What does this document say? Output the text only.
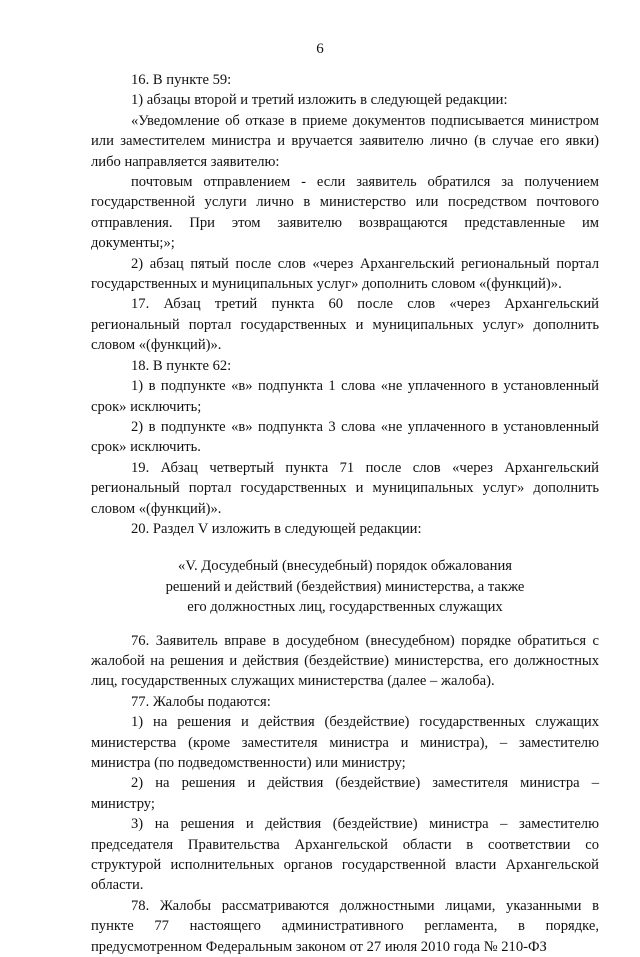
6

16. В пункте 59:

1) абзацы второй и третий изложить в следующей редакции:

«Уведомление об отказе в приеме документов подписывается министром или заместителем министра и вручается заявителю лично (в случае его явки) либо направляется заявителю:

почтовым отправлением - если заявитель обратился за получением государственной услуги лично в министерство или посредством почтового отправления. При этом заявителю возвращаются представленные им документы;»;

2) абзац пятый после слов «через Архангельский региональный портал государственных и муниципальных услуг» дополнить словом «(функций)».

17. Абзац третий пункта 60 после слов «через Архангельский региональный портал государственных и муниципальных услуг» дополнить словом «(функций)».

18. В пункте 62:

1) в подпункте «в» подпункта 1 слова «не уплаченного в установленный срок» исключить;

2) в подпункте «в» подпункта 3 слова «не уплаченного в установленный срок» исключить.

19. Абзац четвертый пункта 71 после слов «через Архангельский региональный портал государственных и муниципальных услуг» дополнить словом «(функций)».

20. Раздел V изложить в следующей редакции:

«V. Досудебный (внесудебный) порядок обжалования

решений и действий (бездействия) министерства, а также

его должностных лиц, государственных служащих

76. Заявитель вправе в досудебном (внесудебном) порядке обратиться с жалобой на решения и действия (бездействие) министерства, его должностных лиц, государственных служащих министерства (далее – жалоба).

77. Жалобы подаются:

1) на решения и действия (бездействие) государственных служащих министерства (кроме заместителя министра и министра), – заместителю министра (по подведомственности) или министру;

2) на решения и действия (бездействие) заместителя министра – министру;

3) на решения и действия (бездействие) министра – заместителю председателя Правительства Архангельской области в соответствии со структурой исполнительных органов государственной власти Архангельской области.

78. Жалобы рассматриваются должностными лицами, указанными в пункте 77 настоящего административного регламента, в порядке, предусмотренном Федеральным законом от 27 июля 2010 года № 210-ФЗ
